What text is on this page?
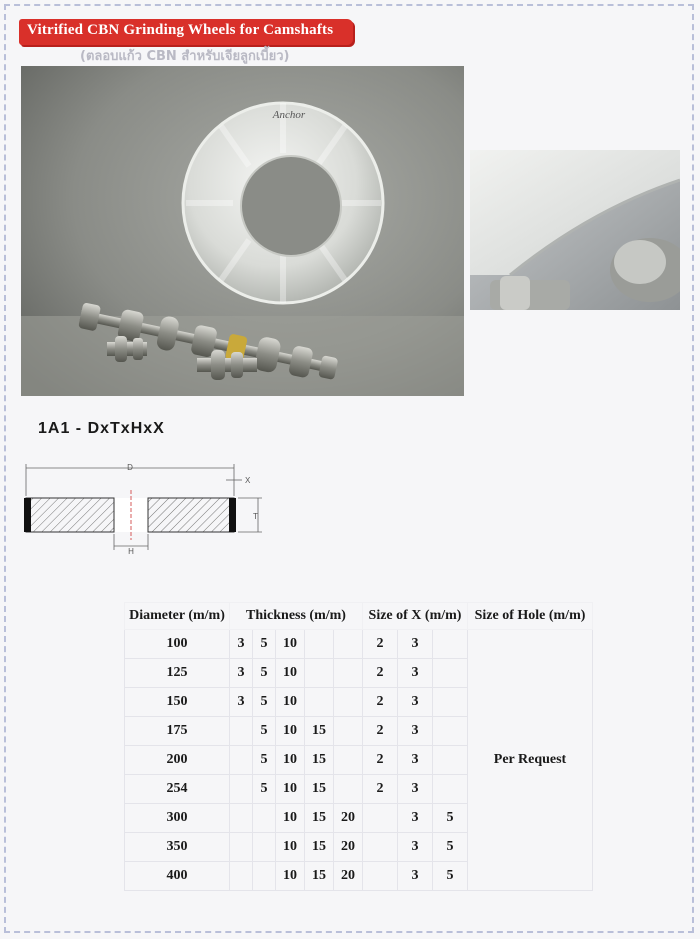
Vitrified CBN Grinding Wheels for Camshafts
(ตลอบแก้ว CBN สำหรับเจียลูกเบี้ยว)
Anchor
1A1 - DxTxHxX
D
X
T
H
Diameter (m/m)	Thickness (m/m)					Size of X (m/m)			Size of Hole (m/m)
100	3	5	10			2	3		Per Request
125	3	5	10			2	3		
150	3	5	10			2	3		
175		5	10	15		2	3		
200		5	10	15		2	3		
254		5	10	15		2	3		
300			10	15	20		3	5	
350			10	15	20		3	5	
400			10	15	20		3	5	
